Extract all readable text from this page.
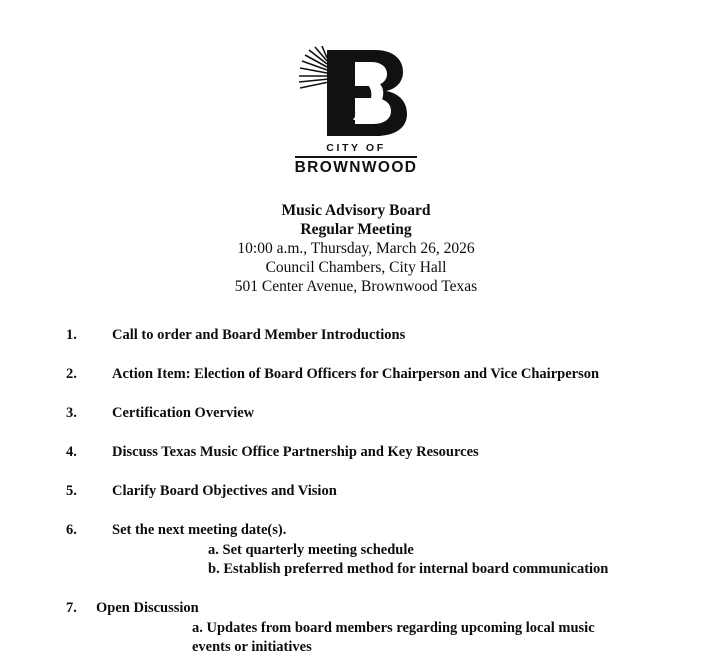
CITY OF
BROWNWOOD
Music Advisory Board
Regular Meeting
10:00 a.m., Thursday, March 26, 2026
Council Chambers, City Hall
501 Center Avenue, Brownwood Texas
1.	Call to order and Board Member Introductions
2.	Action Item: Election of Board Officers for Chairperson and Vice Chairperson
3.	Certification Overview
4.	Discuss Texas Music Office Partnership and Key Resources
5.	Clarify Board Objectives and Vision
6.	Set the next meeting date(s).
a. Set quarterly meeting schedule
b. Establish preferred method for internal board communication
7.	Open Discussion
a. Updates from board members regarding upcoming local music
events or initiatives
